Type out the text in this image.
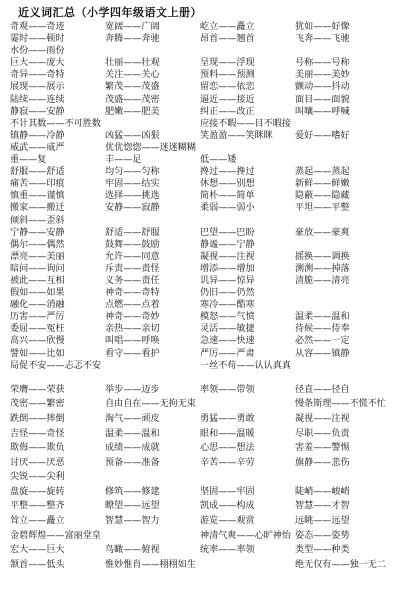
近义词汇总（小学四年级语文上册）
奇观——奇迹	宽阔——广阔	屹立——矗立	犹如——好像
霎时——顿时	奔腾——奔驰	昂首——翘首	飞奔——飞驰
水份——雨份
巨大——庞大	壮丽——壮观	呈现——浮现	号称——号称
奇异——奇特	关注——关心	预料——预测	美丽——美妙
展现——展示	繁茂——茂盛	留恋——依恋	颤动——抖动
陆续——连续	茂盛——茂密	逼近——接近	面目——面貌
静寂——安静	肥嫩——肥美	纠正——改正	叫嚷——呼喊
不计其数——不可胜数	应接不暇——目不暇接
镇静——冷静	凶猛——凶狠	笑盈盈——笑眯眯	爱好——嗜好
威武——威严	优优惚惚——迷迷糊糊
重——复	丰——足	低——矮
舒服——舒适	均匀——匀称	搀过——搀过	蒸起——蒸起
痛苦——印痕	牢固——结实	休想——别想	新鲜——鲜嫩
慎重——谨慎	选择——挑选	简朴——简单	隐蔽——隐藏
搬家——搬迁	安静——寂静	柔弱——弱小	平坦——平整
倾斜——歪斜
宁静——安静	舒适——舒服	巴望——巴盼	豪放——豪爽
偶尔——偶然	鼓舞——鼓励	静谧——宁静
漂亮——美丽	允许——同意	凝视——注视	摇换——调换
暗问——询问	斥责——责怪	增添——增加	测测——掉落
被此——互相	义务——责任	讥异——惊异	清脆——清亮
假如——如果	神奇——奇特	仍旧——仍然
融化——消融	点燃——点着	寒冷——酷寒
历害——严厉	神奇——奇妙	模怒——气愤	温柔——温和
委屈——冤枉	亲热——亲切	灵活——敏捷	待候——侍奉
高兴——欣慢	叫唱——呼唤	急速——快速	必然——一定
譬如——比如	看守——看护	严厉——严肃	从容——镇静
局促不安——忐忑不安	一丝不苟——认认真真
荣膺——荣获	举步——迈步	率领——带领	径直——径自
茂密——繁密	自由自在——无拘无束	慢条斯理——不慌不忙
跌倒——摔倒	淘气——顽皮	勇猛——勇敢	凝视——注视
吉怪——奇怪	温柔——温和	眼和——温暖	尽职——负责
欺侮——欺负	成绩——成就	心思——想法	害羞——警惕
讨厌——厌恶	预备——准备	辛苦——辛劳	旗静——悲伤
尖锐——尖利
盘旋——旋转	修筑——修建	坚固——牢固	陡峭——峻峭
平整——整齐	瞭望——远望	凯成——构成	智慧——才智
耸立——矗立	智慧——智力	游览——观赏	远眺——远望
金碧辉煌——富丽堂皇	神清气爽——心旷神怡 姿态——姿势
宏大——巨大	鸟瞰——俯视	统率——率领	类型——种类
颔首——低头	惟妙惟肖——栩栩如生	绝无仅有——独一无二
